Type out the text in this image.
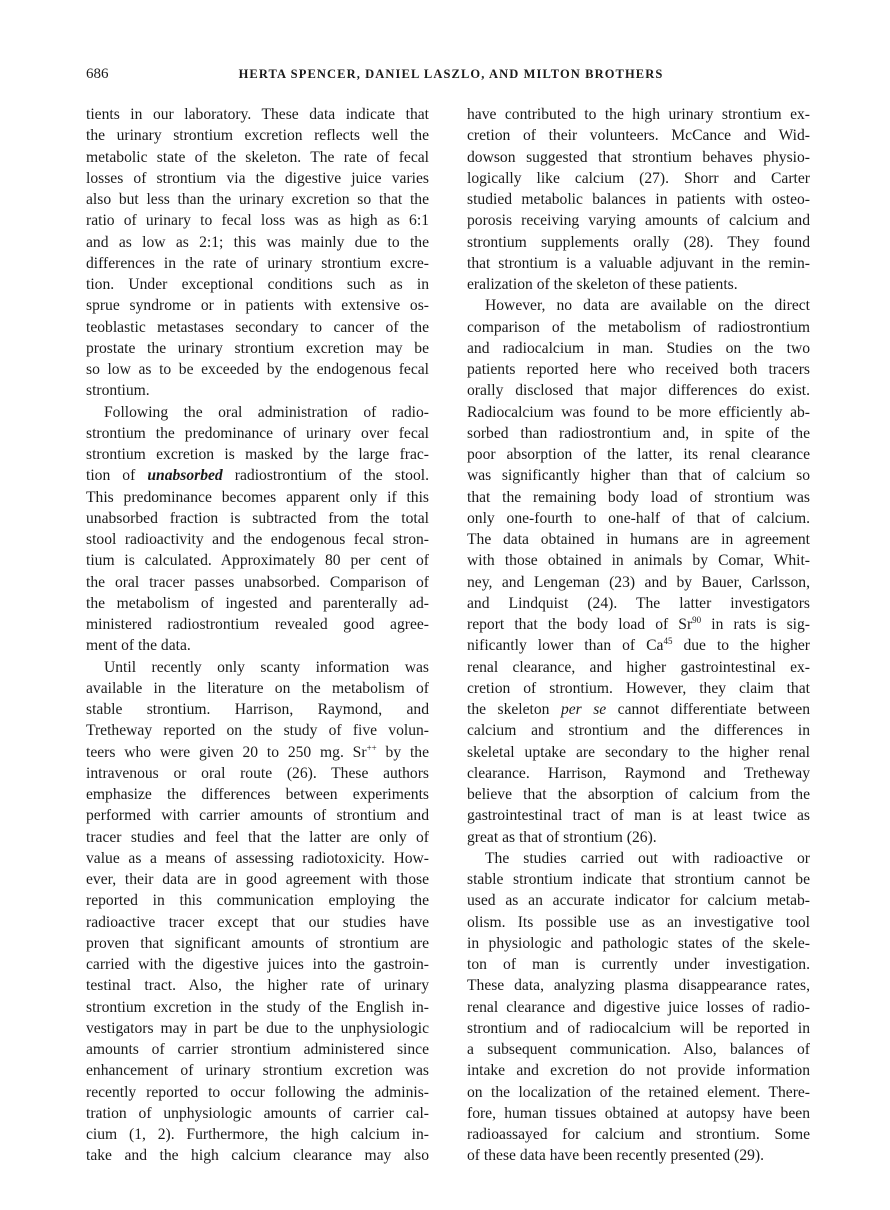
686	HERTA SPENCER, DANIEL LASZLO, AND MILTON BROTHERS
tients in our laboratory. These data indicate that
the urinary strontium excretion reflects well the
metabolic state of the skeleton. The rate of fecal
losses of strontium via the digestive juice varies
also but less than the urinary excretion so that the
ratio of urinary to fecal loss was as high as 6:1
and as low as 2:1; this was mainly due to the
differences in the rate of urinary strontium excre-
tion. Under exceptional conditions such as in
sprue syndrome or in patients with extensive os-
teoblastic metastases secondary to cancer of the
prostate the urinary strontium excretion may be
so low as to be exceeded by the endogenous fecal
strontium.
Following the oral administration of radio-
strontium the predominance of urinary over fecal
strontium excretion is masked by the large frac-
tion of unabsorbed radiostrontium of the stool.
This predominance becomes apparent only if this
unabsorbed fraction is subtracted from the total
stool radioactivity and the endogenous fecal stron-
tium is calculated. Approximately 80 per cent of
the oral tracer passes unabsorbed. Comparison of
the metabolism of ingested and parenterally ad-
ministered radiostrontium revealed good agree-
ment of the data.
Until recently only scanty information was
available in the literature on the metabolism of
stable strontium. Harrison, Raymond, and
Tretheway reported on the study of five volun-
teers who were given 20 to 250 mg. Sr++ by the
intravenous or oral route (26). These authors
emphasize the differences between experiments
performed with carrier amounts of strontium and
tracer studies and feel that the latter are only of
value as a means of assessing radiotoxicity. How-
ever, their data are in good agreement with those
reported in this communication employing the
radioactive tracer except that our studies have
proven that significant amounts of strontium are
carried with the digestive juices into the gastroin-
testinal tract. Also, the higher rate of urinary
strontium excretion in the study of the English in-
vestigators may in part be due to the unphysiologic
amounts of carrier strontium administered since
enhancement of urinary strontium excretion was
recently reported to occur following the adminis-
tration of unphysiologic amounts of carrier cal-
cium (1, 2). Furthermore, the high calcium in-
take and the high calcium clearance may also
have contributed to the high urinary strontium ex-
cretion of their volunteers. McCance and Wid-
dowson suggested that strontium behaves physio-
logically like calcium (27). Shorr and Carter
studied metabolic balances in patients with osteo-
porosis receiving varying amounts of calcium and
strontium supplements orally (28). They found
that strontium is a valuable adjuvant in the remin-
eralization of the skeleton of these patients.
However, no data are available on the direct
comparison of the metabolism of radiostrontium
and radiocalcium in man. Studies on the two
patients reported here who received both tracers
orally disclosed that major differences do exist.
Radiocalcium was found to be more efficiently ab-
sorbed than radiostrontium and, in spite of the
poor absorption of the latter, its renal clearance
was significantly higher than that of calcium so
that the remaining body load of strontium was
only one-fourth to one-half of that of calcium.
The data obtained in humans are in agreement
with those obtained in animals by Comar, Whit-
ney, and Lengeman (23) and by Bauer, Carlsson,
and Lindquist (24). The latter investigators
report that the body load of Sr$^{90}$ in rats is sig-
nificantly lower than of Ca$^{45}$ due to the higher
renal clearance, and higher gastrointestinal ex-
cretion of strontium. However, they claim that
the skeleton per se cannot differentiate between
calcium and strontium and the differences in
skeletal uptake are secondary to the higher renal
clearance. Harrison, Raymond and Tretheway
believe that the absorption of calcium from the
gastrointestinal tract of man is at least twice as
great as that of strontium (26).
The studies carried out with radioactive or
stable strontium indicate that strontium cannot be
used as an accurate indicator for calcium metab-
olism. Its possible use as an investigative tool
in physiologic and pathologic states of the skele-
ton of man is currently under investigation.
These data, analyzing plasma disappearance rates,
renal clearance and digestive juice losses of radio-
strontium and of radiocalcium will be reported in
a subsequent communication. Also, balances of
intake and excretion do not provide information
on the localization of the retained element. There-
fore, human tissues obtained at autopsy have been
radioassayed for calcium and strontium. Some
of these data have been recently presented (29).
